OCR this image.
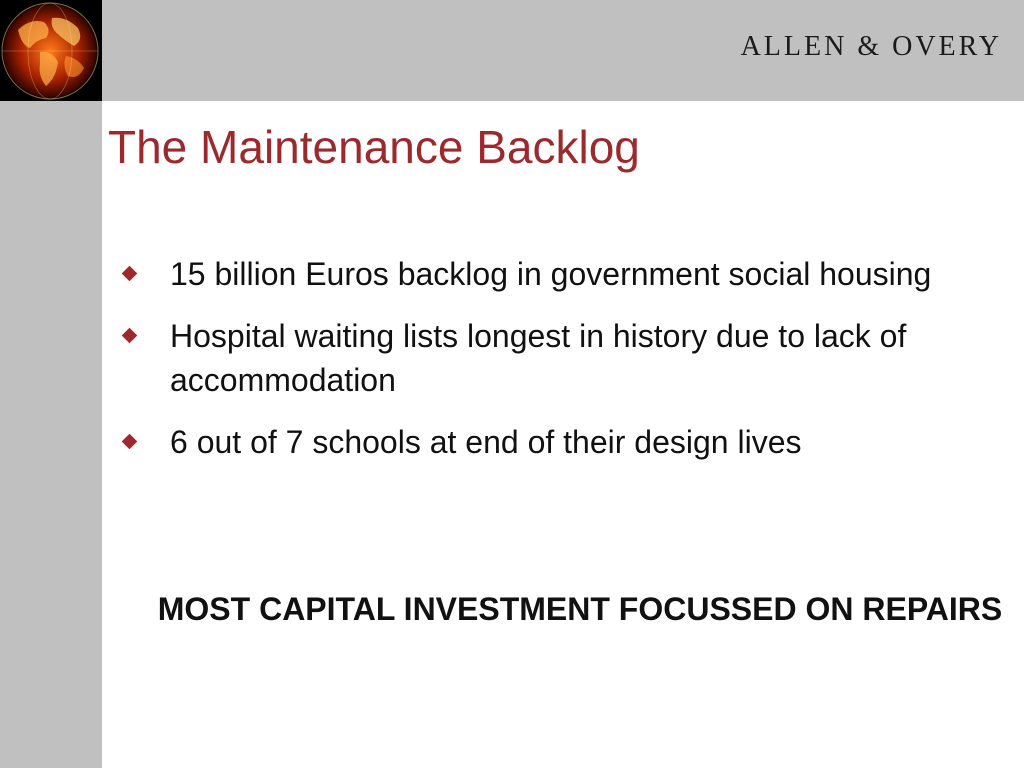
ALLEN & OVERY
The Maintenance Backlog
15 billion Euros backlog in government social housing
Hospital waiting lists longest in history due to lack of accommodation
6 out of 7 schools at end of their design lives

MOST CAPITAL INVESTMENT FOCUSSED ON REPAIRS
